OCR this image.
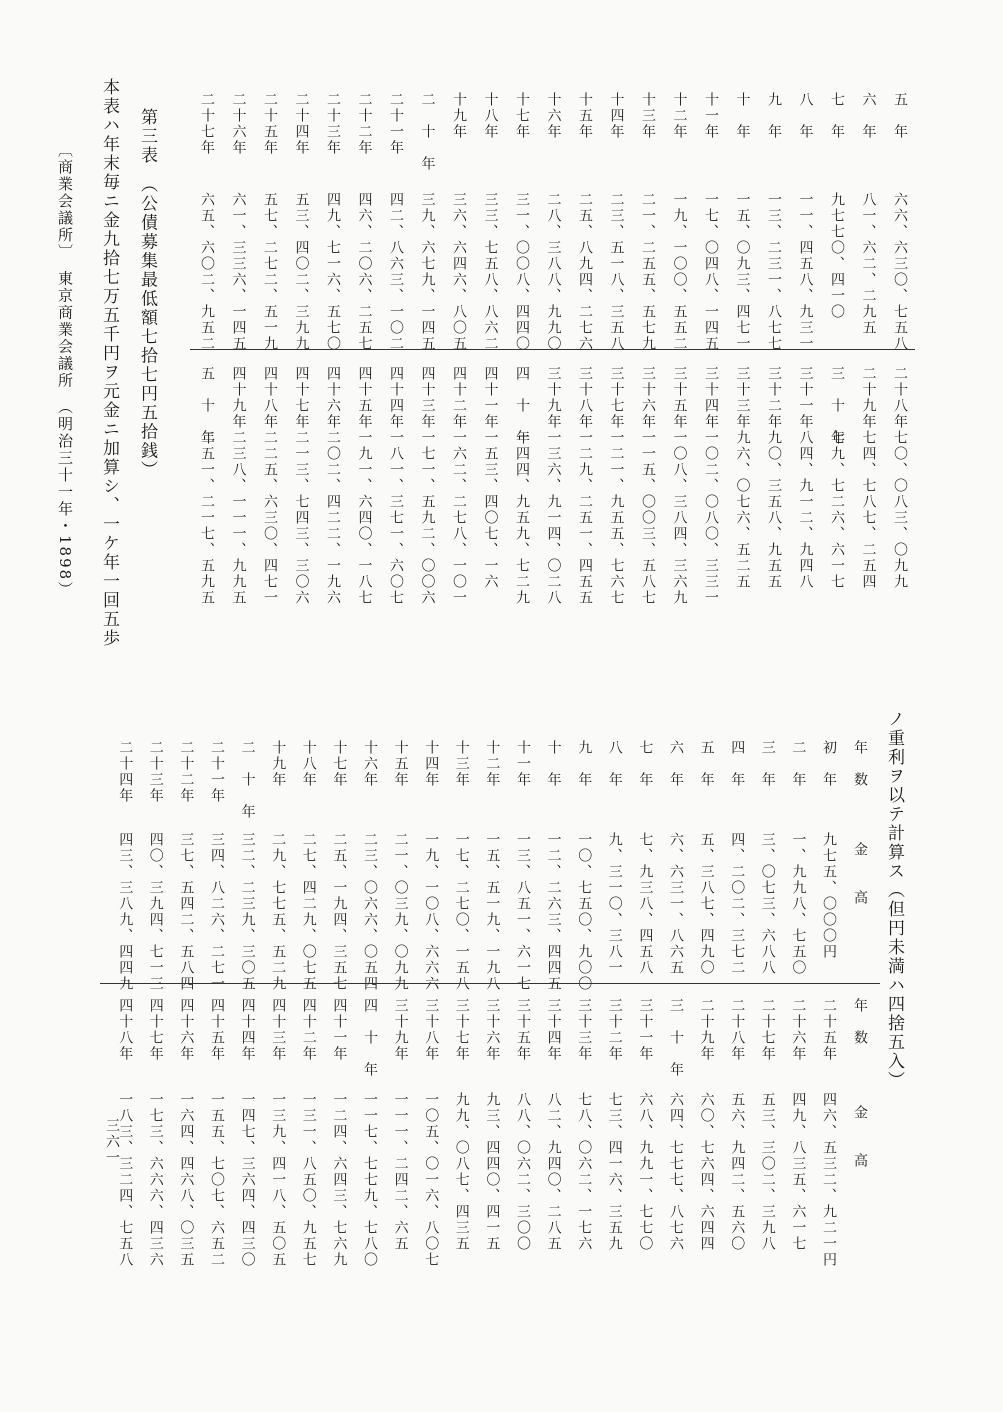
五　年
六六、六三〇、七五八
二十八年
七〇、〇八三、〇九九
六　年
八一、六二、二九五
二十九年
七四、七八七、二五四
七　年
九七七〇、四一〇
三　十　年
七九、七二六、六一七
八　年
一一、四五八、九三一
三十一年
八四、九一二、九四八
九　年
一三、二三一、八七七
三十二年
九〇、三五八、九五五
十　年
一五、〇九三、四七一
三十三年
九六、〇七六、五二五
十一年
一七、〇四八、一四五
三十四年
一〇二、〇八〇、三三一
十二年
一九、一〇〇、五五二
三十五年
一〇八、三八四、三六九
十三年
二一、二五五、五七九
三十六年
一一五、〇〇三、五八七
十四年
二三、五一八、三五八
三十七年
一二一、九五五、七六七
十五年
二五、八九四、二七六
三十八年
一二九、二五一、四五五
十六年
二八、三八八、九九〇
三十九年
一三六、九一四、〇二八
十七年
三一、〇〇八、四四〇
四　十　年
一四四、九五九、七二九
十八年
三三、七五八、八六二
四十一年
一五三、四〇七、一六
十九年
三六、六四六、八〇五
四十二年
一六二、二七八、一〇一
二　十　年
三九、六七九、一四五
四十三年
一七一、五九二、〇〇六
二十一年
四二、八六三、一〇二
四十四年
一八一、三七一、六〇七
二十二年
四六、二〇六、二五七
四十五年
一九一、六四〇、一八七
二十三年
四九、七一六、五七〇
四十六年
二〇二、四二二、一九六
二十四年
五三、四〇二、三九九
四十七年
二一三、七四三、三〇六
二十五年
五七、二七二、五一九
四十八年
二二五、六三〇、四七一
二十六年
六一、三三六、一四五
四十九年
二三八、一一一、九九五
二十七年
六五、六〇二、九五二
五　十　年
二五一、二一七、五九五
第三表　（公債募集最低額七拾七円五拾銭）
本表ハ年末毎ニ金九拾七万五千円ヲ元金ニ加算シ、一ケ年一回五歩
〔商業会議所〕　東京商業会議所　（明治三十一年・1898）
ノ重利ヲ以テ計算ス（但円未満ハ四捨五入）
年　数
金　　高
年　数
金　　高
初　年
九七五、〇〇〇円
二十五年
四六、五三二、九二一円
二　年
一、九九八、七五〇
二十六年
四九、八三五、六一七
三　年
三、〇七三、六八八
二十七年
五三、三〇二、三九八
四　年
四、二〇二、三七二
二十八年
五六、九四二、五六〇
五　年
五、三八七、四九〇
二十九年
六〇、七六四、六四四
六　年
六、六三一、八六五
三　十　年
六四、七七七、八七六
七　年
七、九三八、四五八
三十一年
六八、九九一、七七〇
八　年
九、三一〇、三八一
三十二年
七三、四一六、三五九
九　年
一〇、七五〇、九〇〇
三十三年
七八、〇六二、一七六
十　年
一二、二六三、四四五
三十四年
八二、九四〇、二八五
十一年
一三、八五一、六一七
三十五年
八八、〇六二、三〇〇
十二年
一五、五一九、一九八
三十六年
九三、四四〇、四一五
十三年
一七、二七〇、一五八
三十七年
九九、〇八七、四三五
十四年
一九、一〇八、六六六
三十八年
一〇五、〇一六、八〇七
十五年
二一、〇三九、〇九九
三十九年
一一一、二四二、六五
十六年
二三、〇六六、〇五四
四　十　年
一一七、七七九、七八〇
十七年
二五、一九四、三五七
四十一年
一二四、六四三、七六九
十八年
二七、四二九、〇七五
四十二年
一三一、八五〇、九五七
十九年
二九、七七五、五二九
四十三年
一三九、四一八、五〇五
二　十　年
三二、二三九、三〇五
四十四年
一四七、三六四、四三〇
二十一年
三四、八二六、二七一
四十五年
一五五、七〇七、六五二
二十二年
三七、五四二、五八四
四十六年
一六四、四六八、〇三五
二十三年
四〇、三九四、七一三
四十七年
一七三、六六六、四三六
二十四年
四三、三八九、四四九
四十八年
一八三、三二四、七五八
三六一
